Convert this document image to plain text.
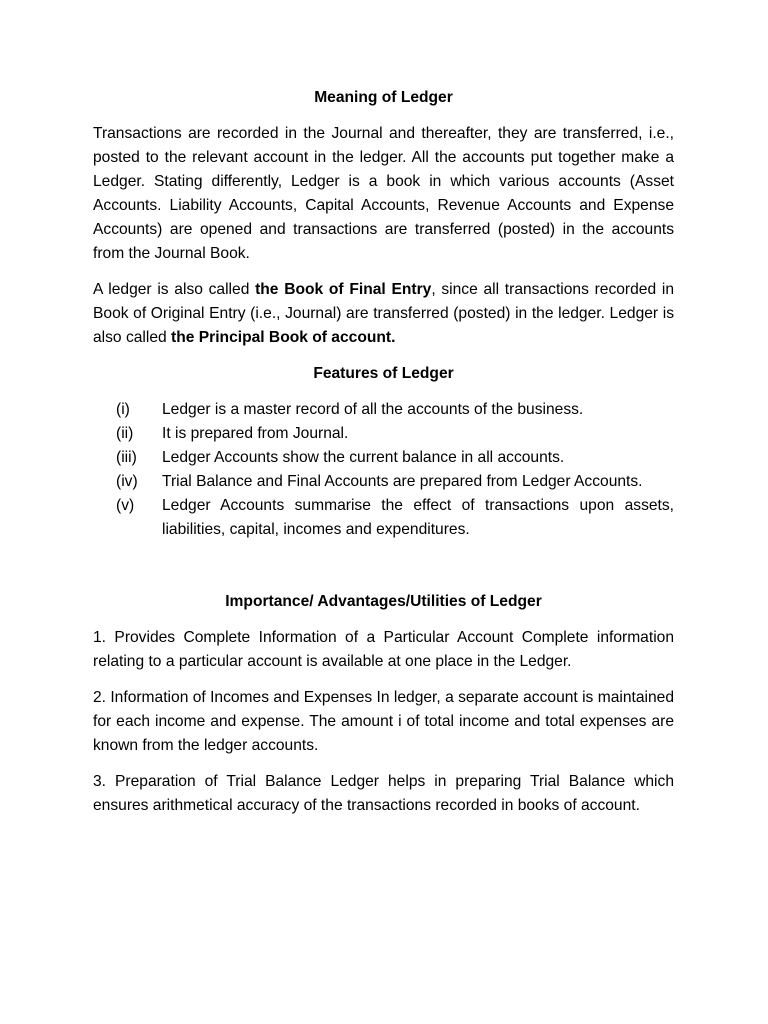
Meaning of Ledger

Transactions are recorded in the Journal and thereafter, they are transferred, i.e., posted to the relevant account in the ledger. All the accounts put together make a Ledger. Stating differently, Ledger is a book in which various accounts (Asset Accounts. Liability Accounts, Capital Accounts, Revenue Accounts and Expense Accounts) are opened and transactions are transferred (posted) in the accounts from the Journal Book.

A ledger is also called the Book of Final Entry, since all transactions recorded in Book of Original Entry (i.e., Journal) are transferred (posted) in the ledger. Ledger is also called the Principal Book of account.

Features of Ledger

(i)	Ledger is a master record of all the accounts of the business.
(ii)	It is prepared from Journal.
(iii)	Ledger Accounts show the current balance in all accounts.
(iv)	Trial Balance and Final Accounts are prepared from Ledger Accounts.
(v)	Ledger Accounts summarise the effect of transactions upon assets, liabilities, capital, incomes and expenditures.

Importance/ Advantages/Utilities of Ledger

1. Provides Complete Information of a Particular Account Complete information relating to a particular account is available at one place in the Ledger.

2. Information of Incomes and Expenses In ledger, a separate account is maintained for each income and expense. The amount i of total income and total expenses are known from the ledger accounts.

3. Preparation of Trial Balance Ledger helps in preparing Trial Balance which ensures arithmetical accuracy of the transactions recorded in books of account.
